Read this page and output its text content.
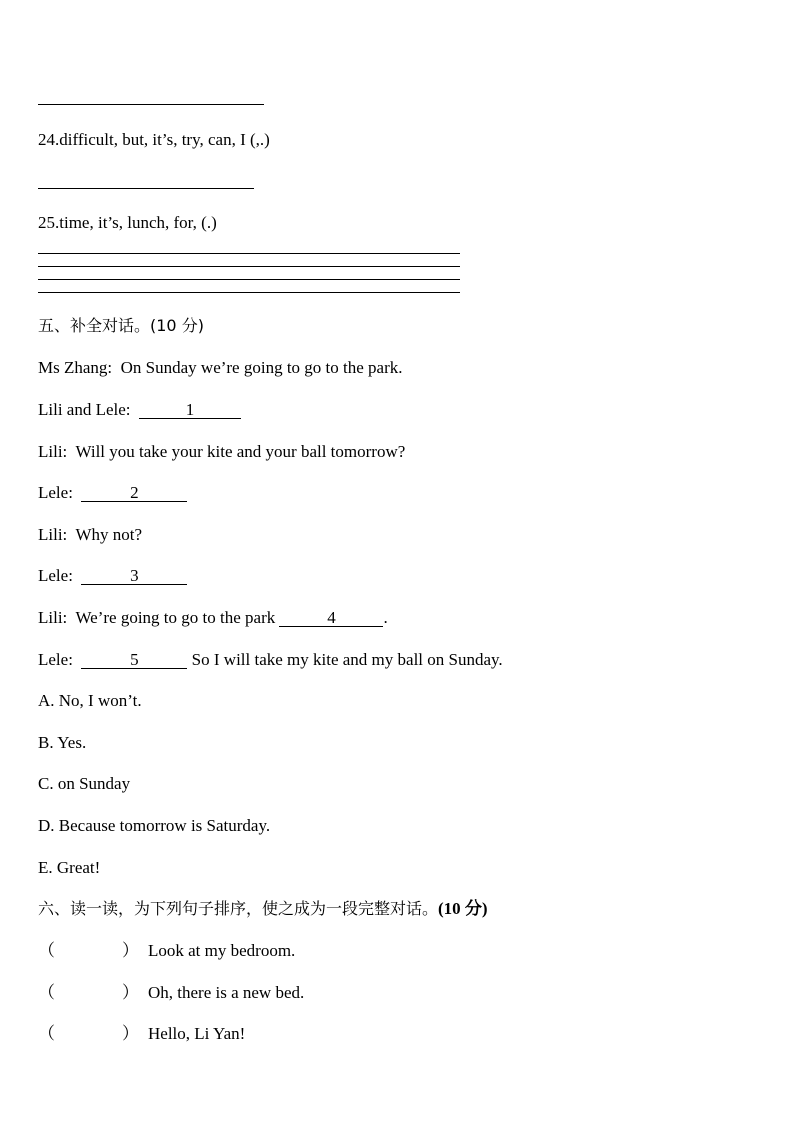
24.difficult, but, it’s, try, can, I (,.)
25.time, it’s, lunch, for, (.)
五、补全对话。(10 分)
Ms Zhang: On Sunday we’re going to go to the park.
Lili and Lele:	1
Lili: Will you take your kite and your ball tomorrow?
Lele:	2
Lili: Why not?
Lele:	3
Lili: We’re going to go to the park	4	.
Lele:	5	So I will take my kite and my ball on Sunday.
A. No, I won’t.
B. Yes.
C. on Sunday
D. Because tomorrow is Saturday.
E. Great!
六、读一读，为下列句子排序，使之成为一段完整对话。(10 分)
（	） Look at my bedroom.
（	） Oh, there is a new bed.
（	） Hello, Li Yan!
